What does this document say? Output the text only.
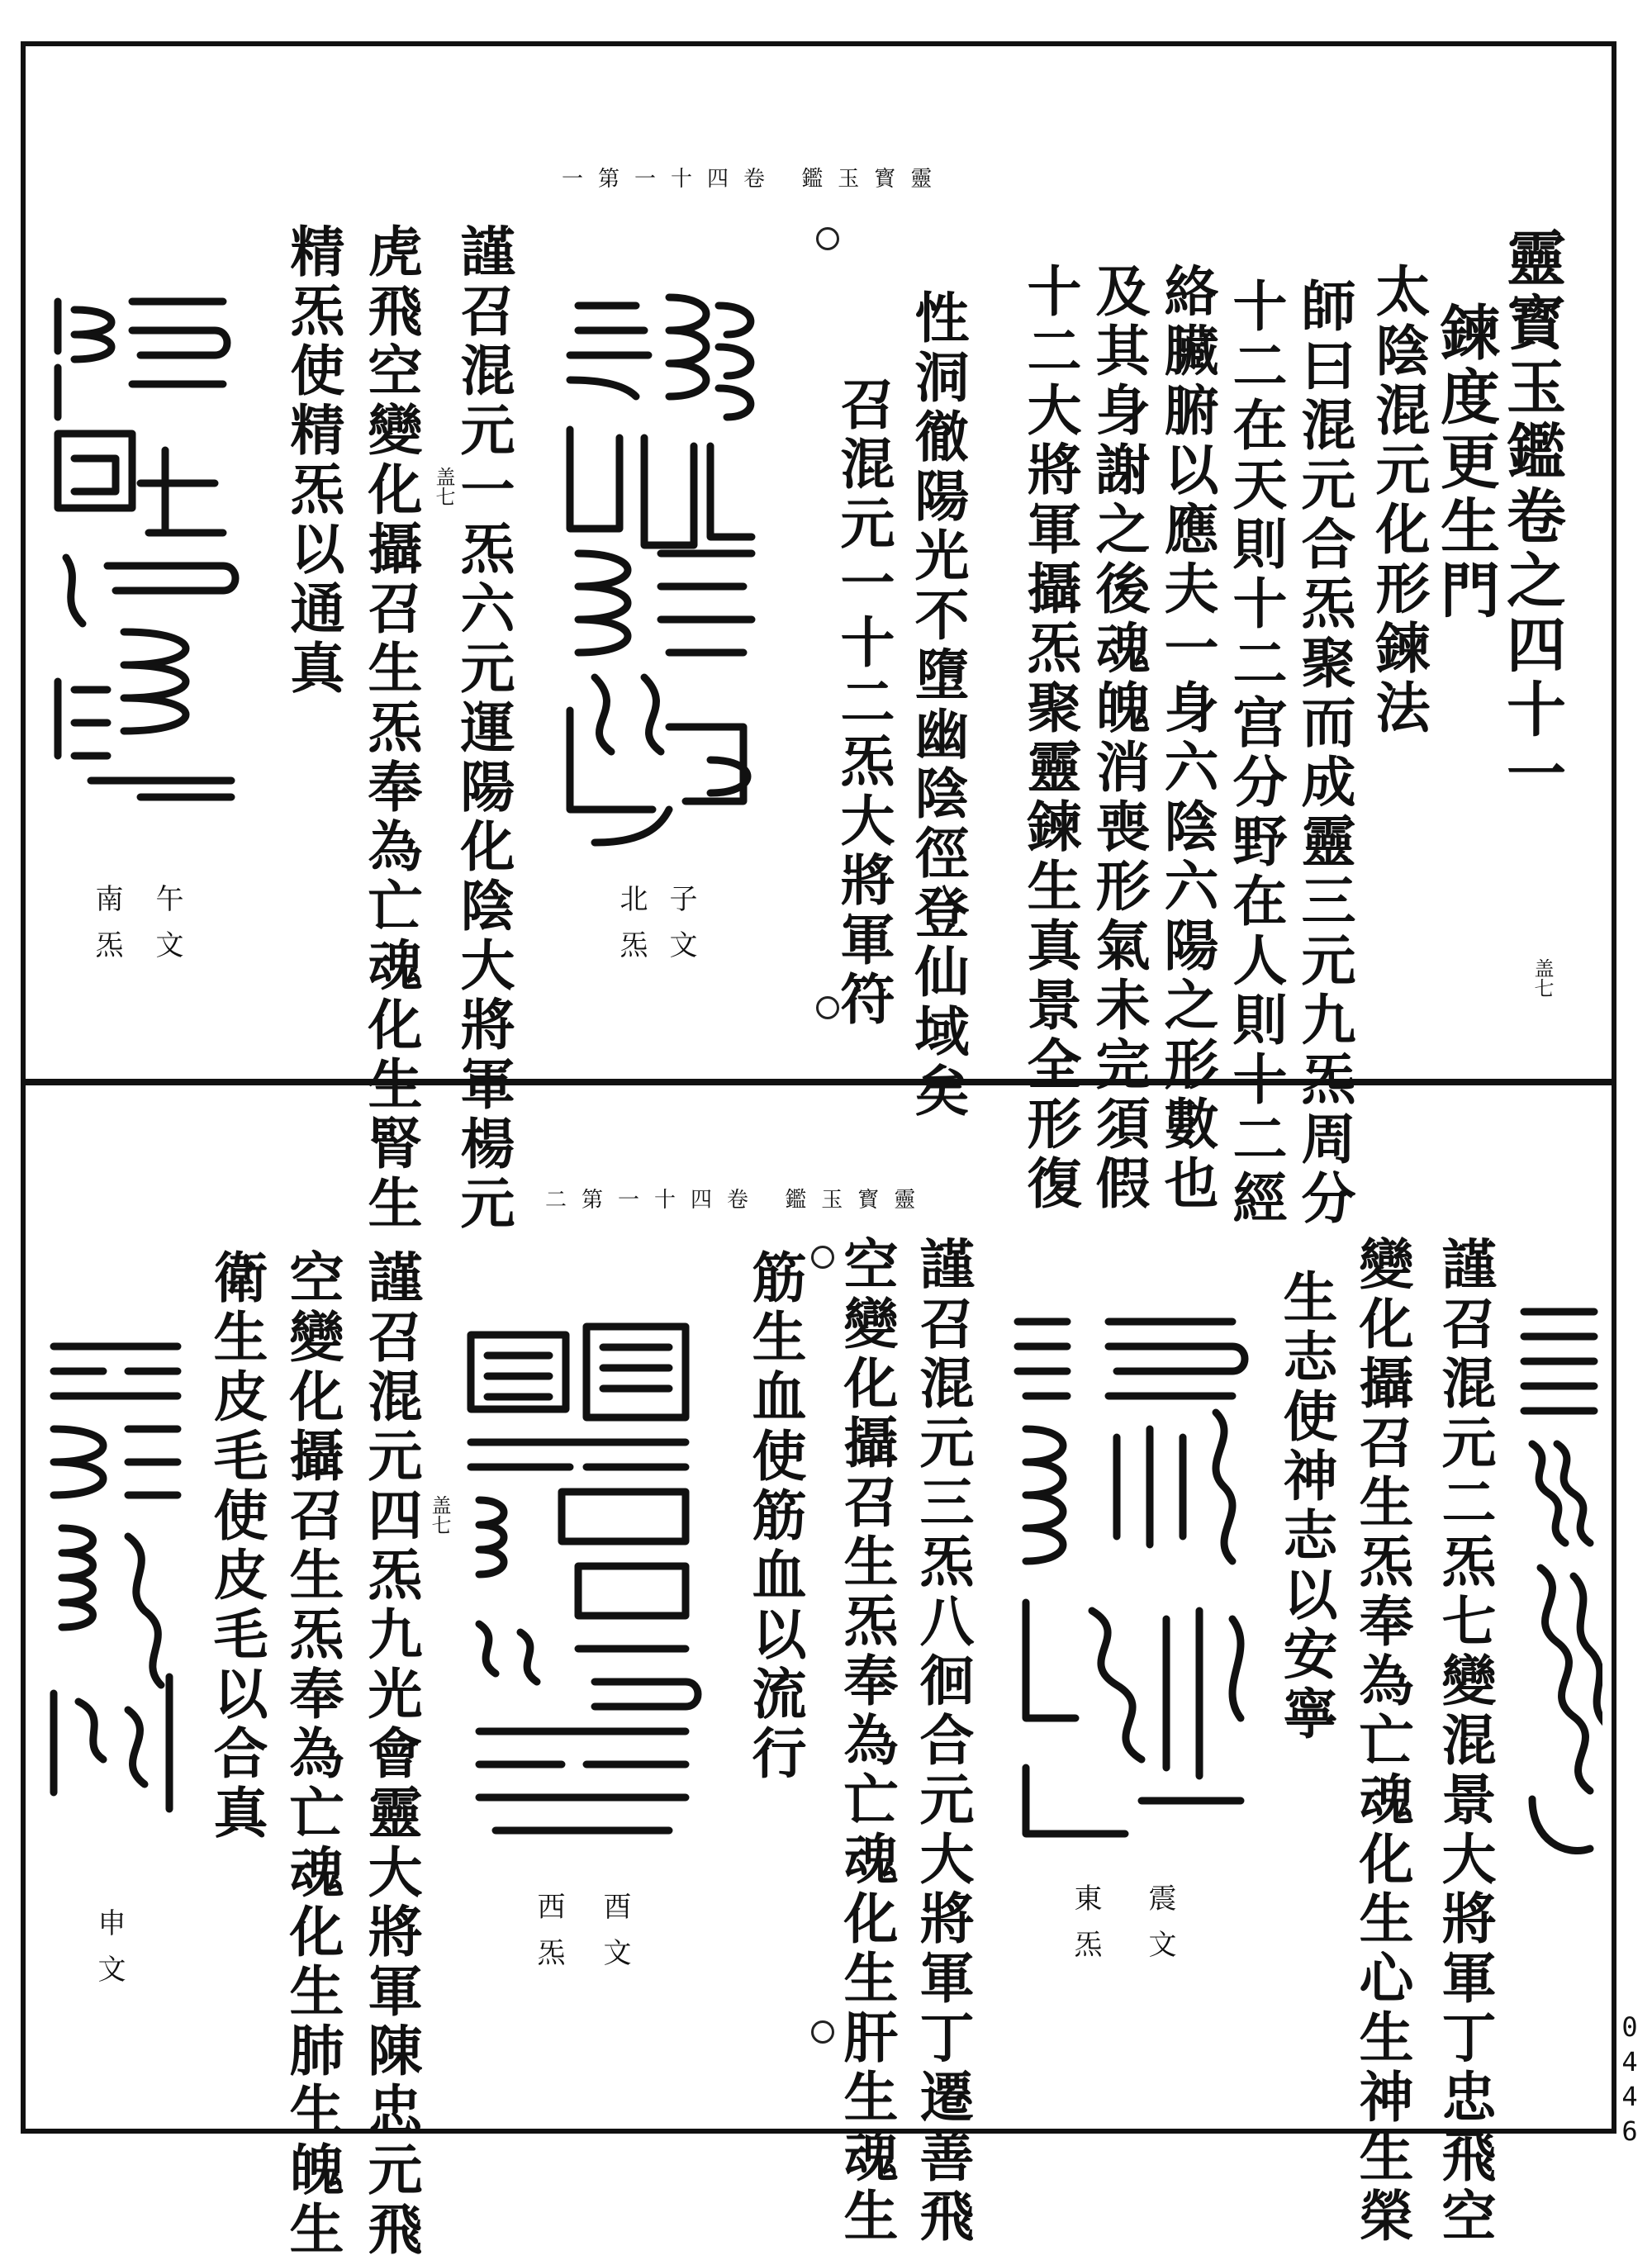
0446
一第一十四卷 鑑玉寳靈
靈寳玉鑑卷之四十一
鍊度更生門
太陰混元化形鍊法
盖七
師曰混元合炁聚而成靈三元九炁周分
十二在天則十二宫分野在人則十二經
絡臟腑以應夫一身六陰六陽之形數也
及其身謝之後魂魄消喪形氣未完須假
十二大將軍攝炁聚靈鍊生真景全形復
性洞徹陽光不墮幽陰徑登仙域矣
召混元一十二炁大將軍符
子文
北炁
謹召混元一炁六元運陽化陰大將軍楊元
虎飛空變化攝召生炁奉為亡魂化生腎生
精炁使精炁以通真	盖七
午文
南炁
二第一十四卷 鑑玉寳靈
謹召混元二炁七變混景大將軍丁忠飛空
變化攝召生炁奉為亡魂化生心生神生榮
生志使神志以安寧
震文
東炁
謹召混元三炁八徊合元大將軍丁遷善飛
空變化攝召生炁奉為亡魂化生肝生魂生
筋生血使筋血以流行
酉文
西炁
謹召混元四炁九光會靈大將軍陳忠元飛
空變化攝召生炁奉為亡魂化生肺生魄生
衛生皮毛使皮毛以合真	盖七
申文
